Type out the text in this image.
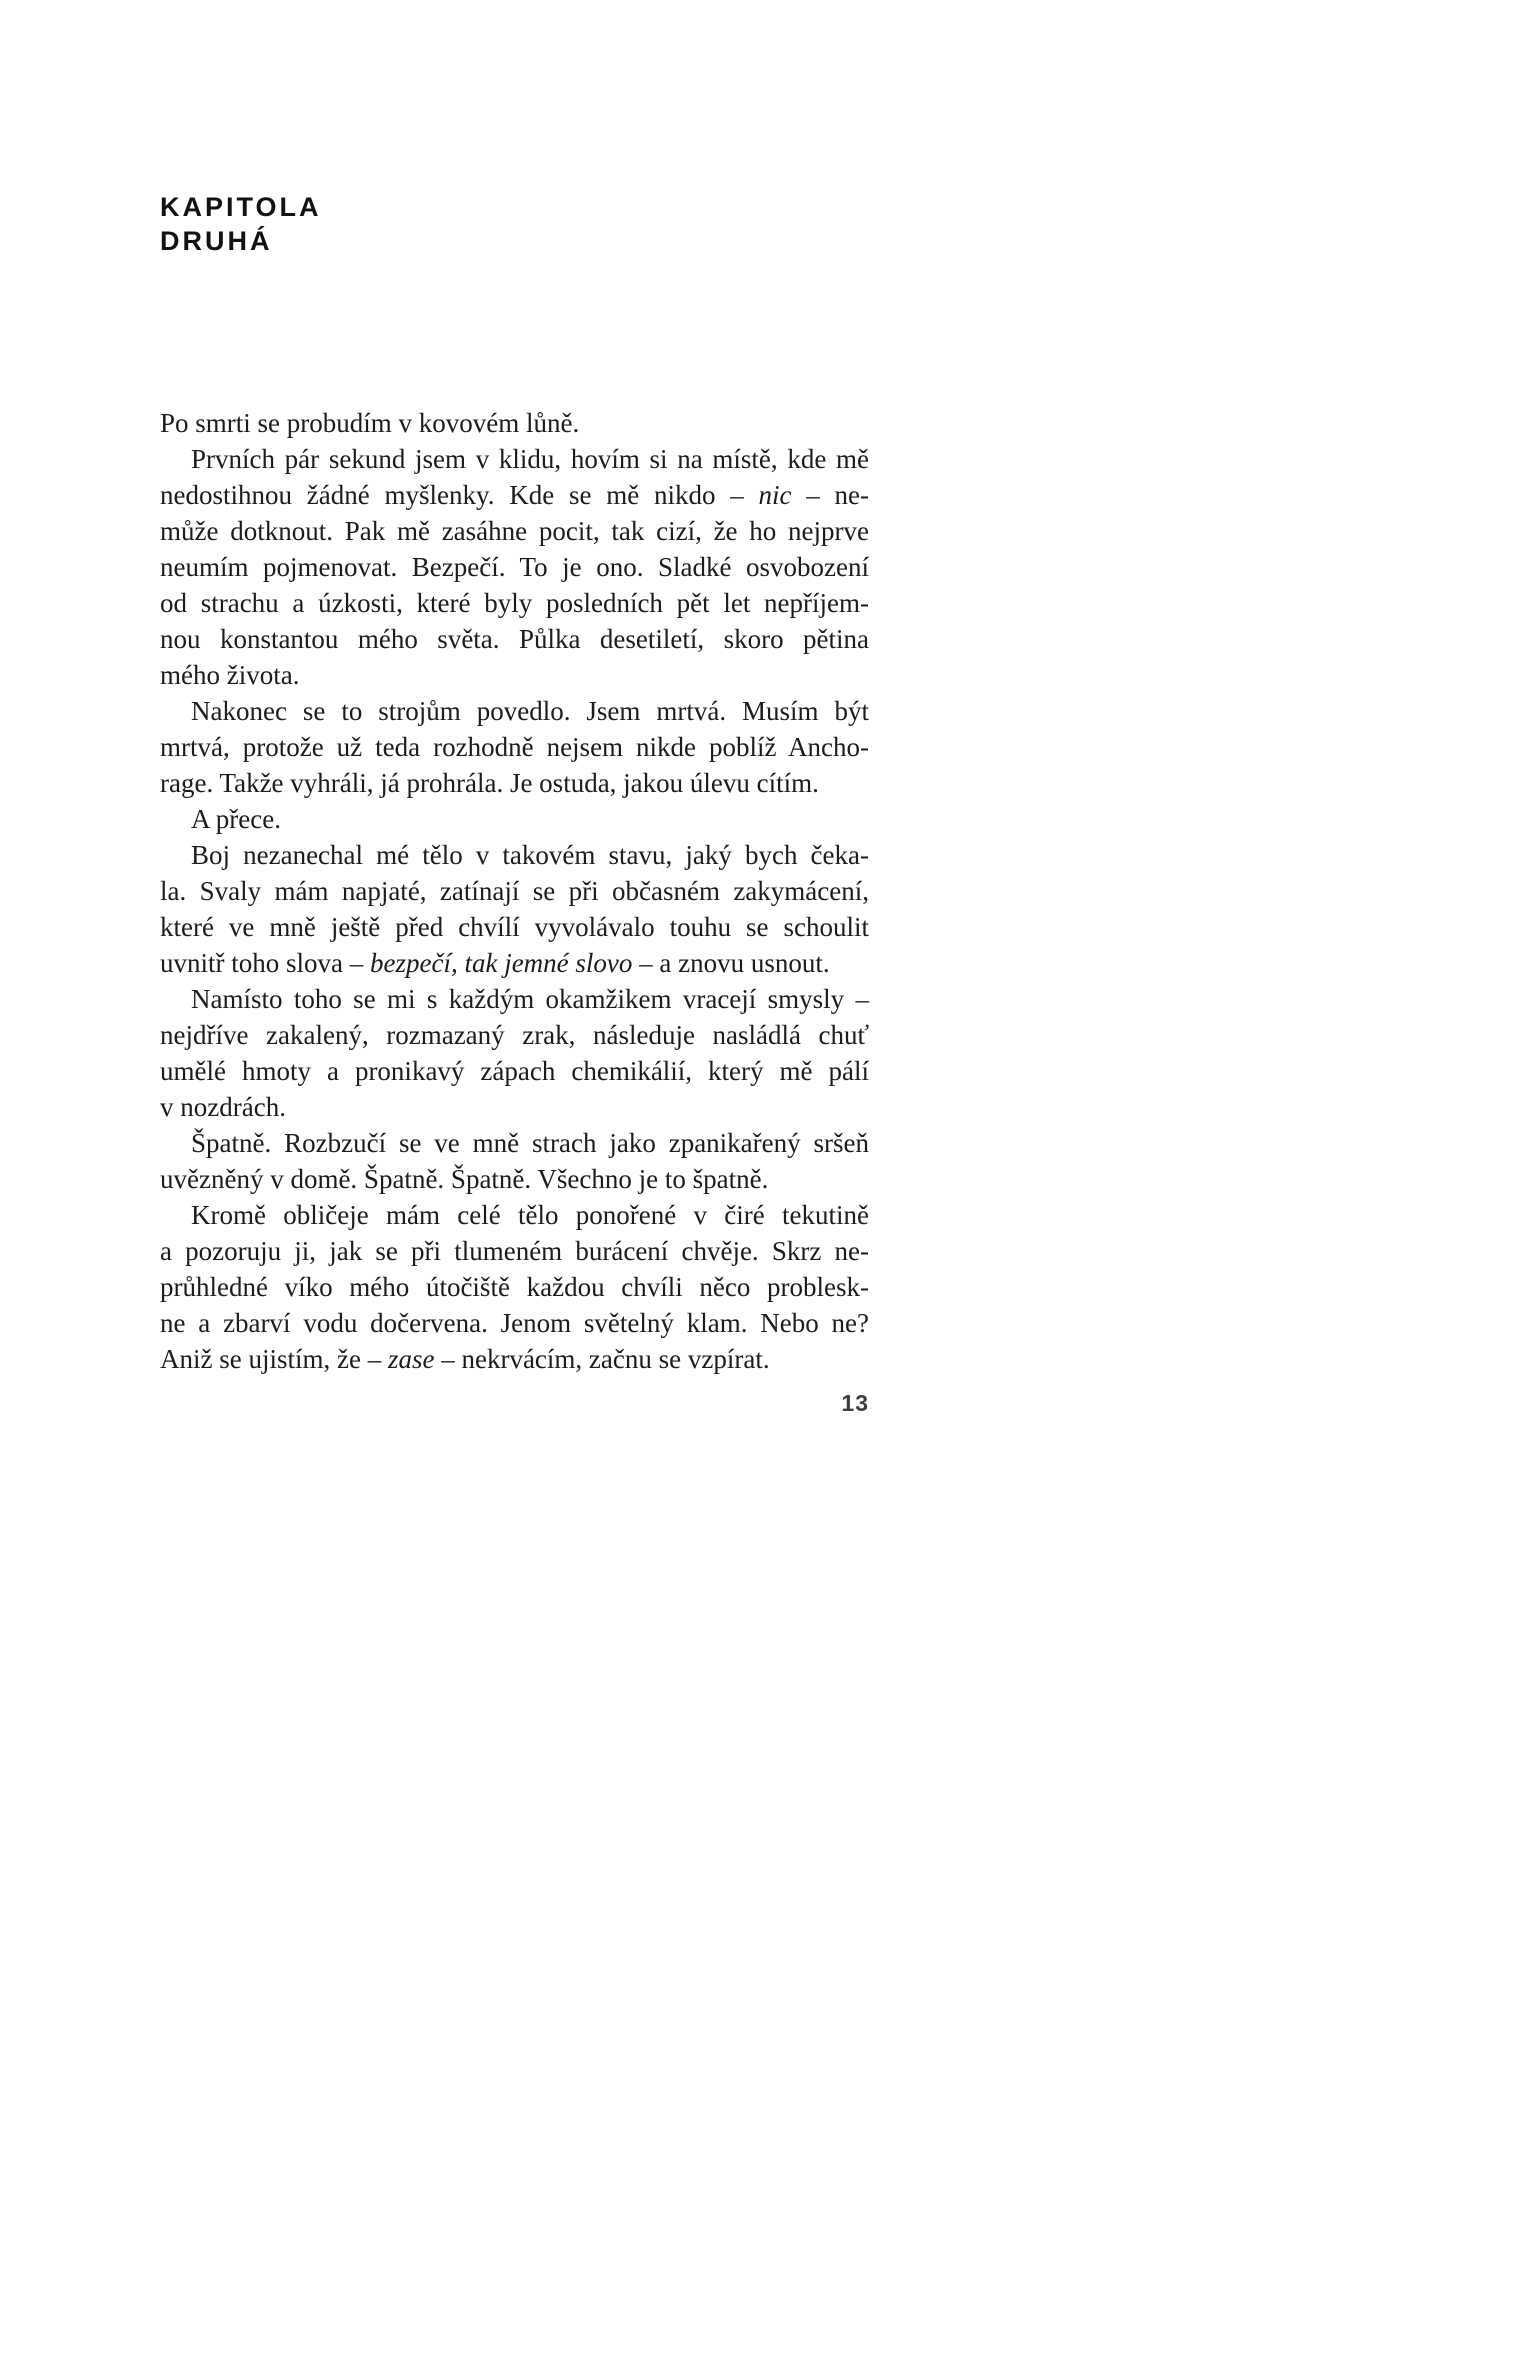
KAPITOLA
DRUHÁ
Po smrti se probudím v kovovém lůně.
Prvních pár sekund jsem v klidu, hovím si na místě, kde mě
nedostihnou žádné myšlenky. Kde se mě nikdo – nic – ne-
může dotknout. Pak mě zasáhne pocit, tak cizí, že ho nejprve
neumím pojmenovat. Bezpečí. To je ono. Sladké osvobození
od strachu a úzkosti, které byly posledních pět let nepříjem-
nou konstantou mého světa. Půlka desetiletí, skoro pětina
mého života.
Nakonec se to strojům povedlo. Jsem mrtvá. Musím být
mrtvá, protože už teda rozhodně nejsem nikde poblíž Ancho-
rage. Takže vyhráli, já prohrála. Je ostuda, jakou úlevu cítím.
A přece.
Boj nezanechal mé tělo v takovém stavu, jaký bych čeka-
la. Svaly mám napjaté, zatínají se při občasném zakymácení,
které ve mně ještě před chvílí vyvolávalo touhu se schoulit
uvnitř toho slova – bezpečí, tak jemné slovo – a znovu usnout.
Namísto toho se mi s každým okamžikem vracejí smysly –
nejdříve zakalený, rozmazaný zrak, následuje nasládlá chuť
umělé hmoty a pronikavý zápach chemikálií, který mě pálí
v nozdrách.
Špatně. Rozbzučí se ve mně strach jako zpanikařený sršeň
uvězněný v domě. Špatně. Špatně. Všechno je to špatně.
Kromě obličeje mám celé tělo ponořené v čiré tekutině
a pozoruju ji, jak se při tlumeném burácení chvěje. Skrz ne-
průhledné víko mého útočiště každou chvíli něco problesk-
ne a zbarví vodu dočervena. Jenom světelný klam. Nebo ne?
Aniž se ujistím, že – zase – nekrvácím, začnu se vzpírat.
13
